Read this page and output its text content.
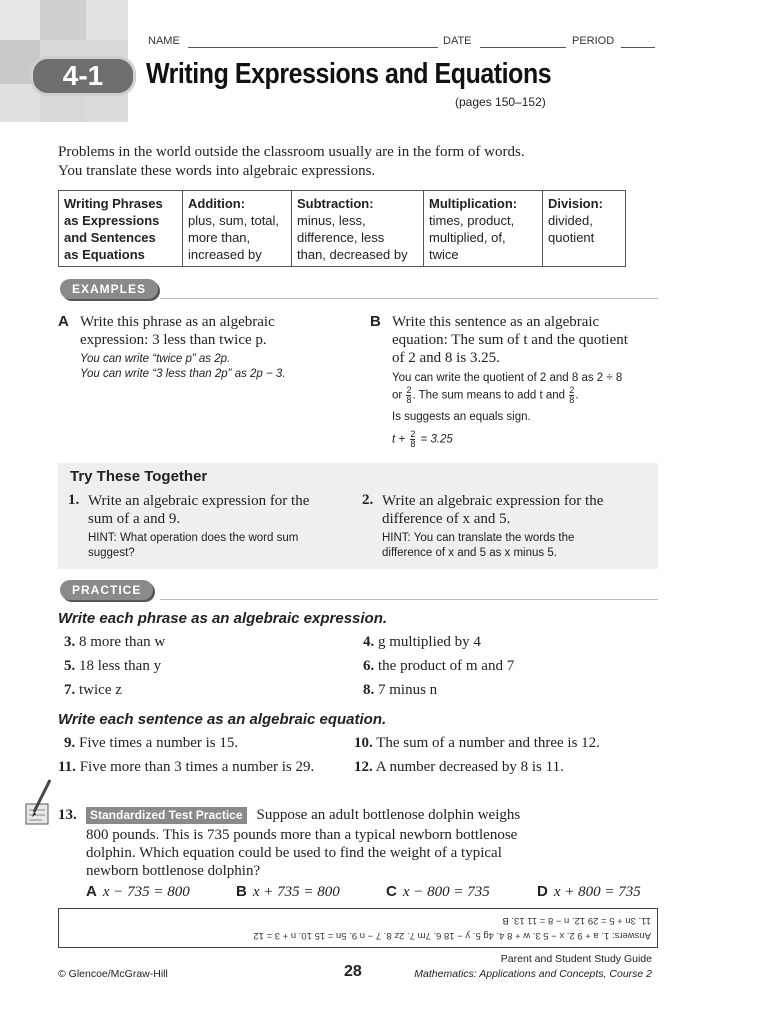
4-1
NAME	DATE	PERIOD
Writing Expressions and Equations
(pages 150–152)
Problems in the world outside the classroom usually are in the form of words. You translate these words into algebraic expressions.
Writing Phrases
as Expressions
and Sentences
as Equations

Addition:
plus, sum, total,
more than,
increased by

Subtraction:
minus, less,
difference, less
than, decreased by

Multiplication:
times, product,
multiplied, of,
twice

Division:
divided,
quotient
EXAMPLES
A Write this phrase as an algebraic
expression: 3 less than twice p.
You can write “twice p” as 2p.
You can write “3 less than 2p” as 2p − 3.
B Write this sentence as an algebraic
equation: The sum of t and the quotient
of 2 and 8 is 3.25.
You can write the quotient of 2 and 8 as 2 ÷ 8
or $\frac{2}{8}$ . The sum means to add t and $\frac{2}{8}$ .
Is suggests an equals sign.
$t + \frac{2}{8} = 3.25$
Try These Together
1. Write an algebraic expression for the
sum of a and 9.
HINT: What operation does the word sum
suggest?
2. Write an algebraic expression for the
difference of x and 5.
HINT: You can translate the words the
difference of x and 5 as x minus 5.
PRACTICE
Write each phrase as an algebraic expression.
3. 8 more than w	4. g multiplied by 4
5. 18 less than y	6. the product of m and 7
7. twice z	8. 7 minus n
Write each sentence as an algebraic equation.
9. Five times a number is 15.	10. The sum of a number and three is 12.
11. Five more than 3 times a number is 29.	12. A number decreased by 8 is 11.
13.	Standardized Test Practice Suppose an adult bottlenose dolphin weighs
800 pounds. This is 735 pounds more than a typical newborn bottlenose
dolphin. Which equation could be used to find the weight of a typical
newborn bottlenose dolphin?
A x − 735 = 800	B x + 735 = 800	C x − 800 = 735	D x + 800 = 735
Answers: 1. a + 9 2. x − 5 3. w + 8 4. 4g 5. y − 18 6. 7m 7. 2z 8. 7 − n 9. 5n = 15 10. n + 3 = 12
11. 3n + 5 = 29 12. n − 8 = 11 13. B
© Glencoe/McGraw-Hill	28
Parent and Student Study Guide
Mathematics: Applications and Concepts, Course 2
